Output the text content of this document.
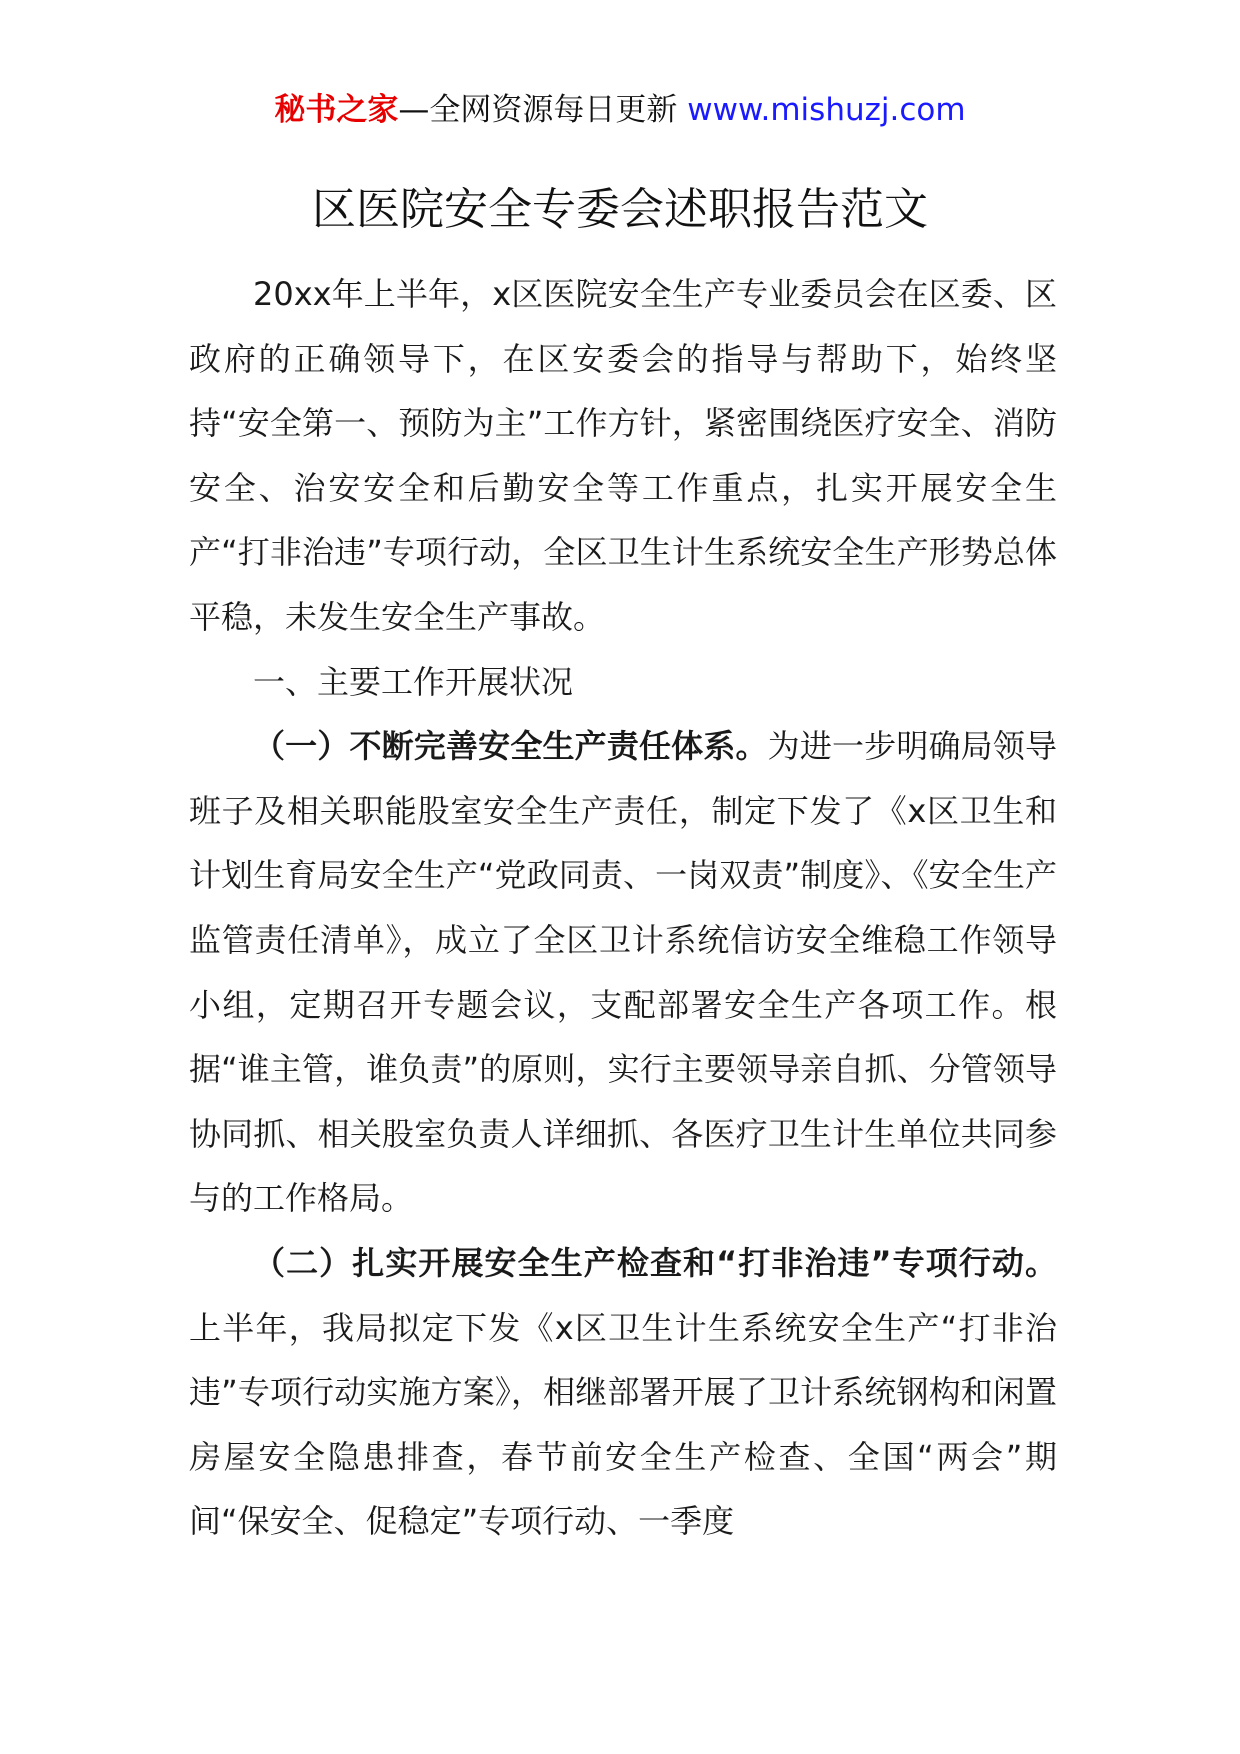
秘书之家—全网资源每日更新 www.mishuzj.com
区医院安全专委会述职报告范文

20xx年上半年，x区医院安全生产专业委员会在区委、区政府的正确领导下，在区安委会的指导与帮助下，始终坚持“安全第一、预防为主”工作方针，紧密围绕医疗安全、消防安全、治安安全和后勤安全等工作重点，扎实开展安全生产“打非治违”专项行动，全区卫生计生系统安全生产形势总体平稳，未发生安全生产事故。

一、主要工作开展状况

（一）不断完善安全生产责任体系。为进一步明确局领导班子及相关职能股室安全生产责任，制定下发了《x区卫生和计划生育局安全生产“党政同责、一岗双责”制度》、《安全生产监管责任清单》，成立了全区卫计系统信访安全维稳工作领导小组，定期召开专题会议，支配部署安全生产各项工作。根据“谁主管，谁负责”的原则，实行主要领导亲自抓、分管领导协同抓、相关股室负责人详细抓、各医疗卫生计生单位共同参与的工作格局。

（二）扎实开展安全生产检查和“打非治违”专项行动。上半年，我局拟定下发《x区卫生计生系统安全生产“打非治违”专项行动实施方案》，相继部署开展了卫计系统钢构和闲置房屋安全隐患排查，春节前安全生产检查、全国“两会”期间“保安全、促稳定”专项行动、一季度
